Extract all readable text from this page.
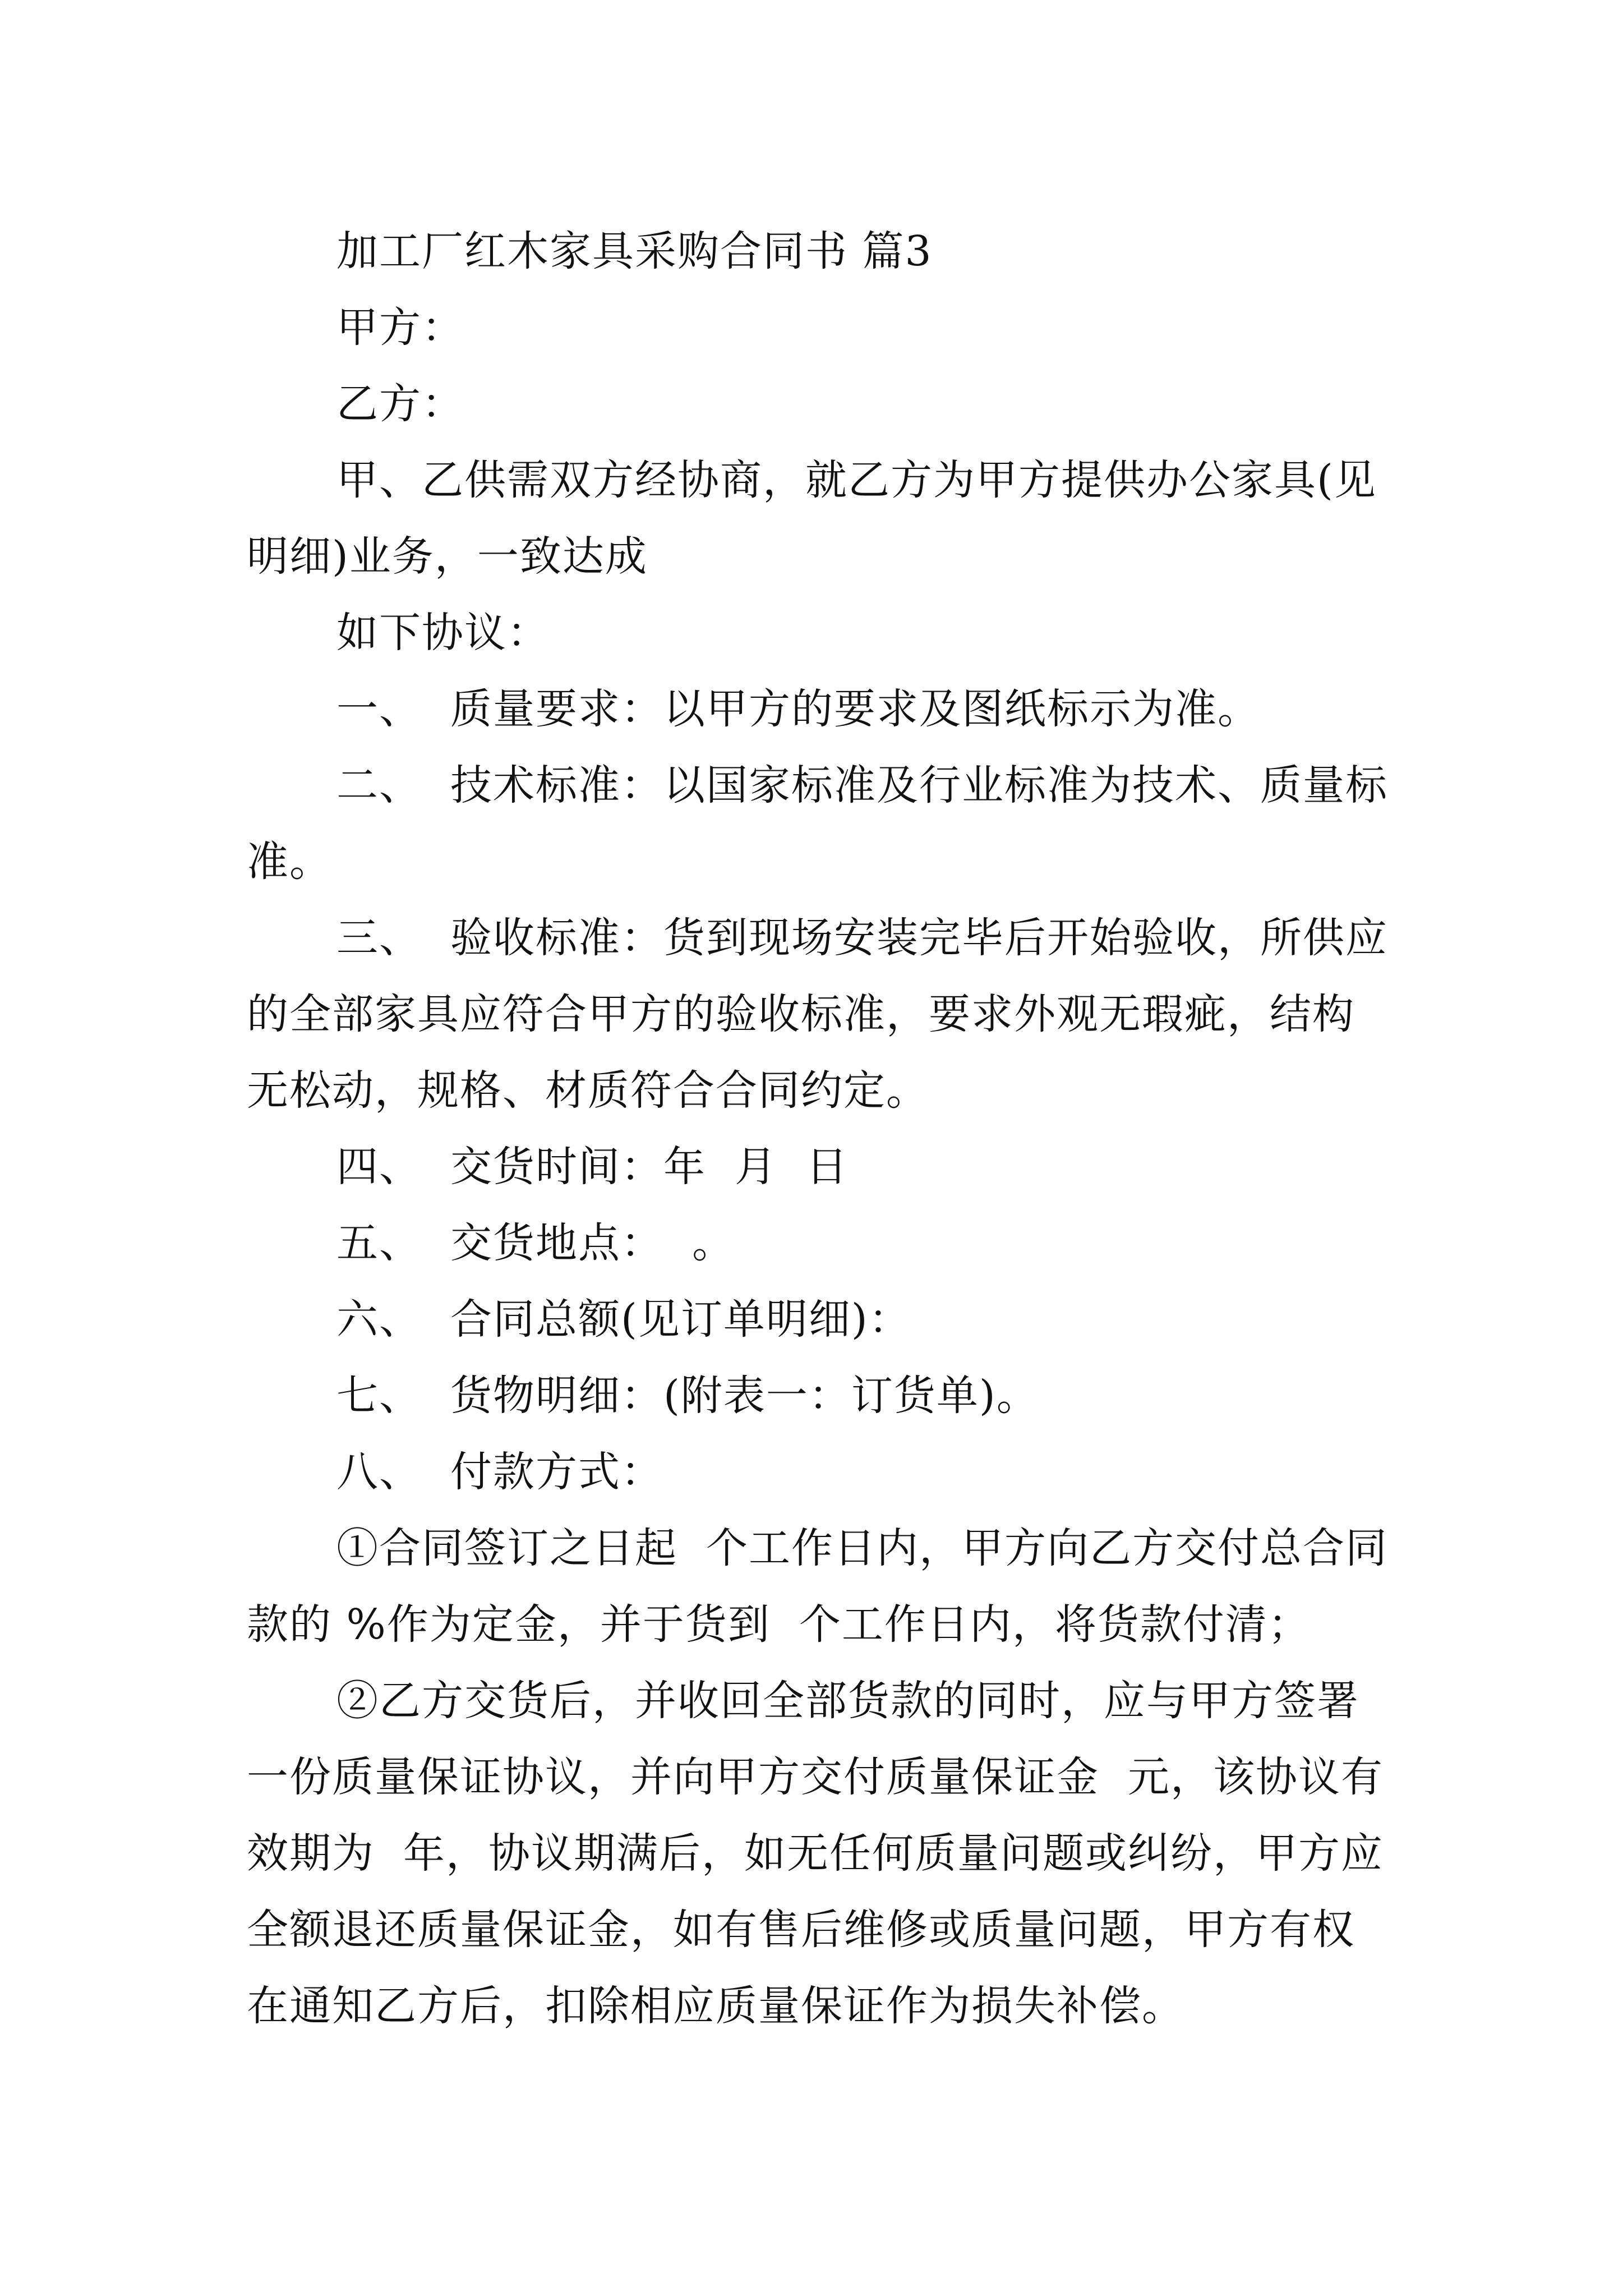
加工厂红木家具采购合同书 篇3

甲方：

乙方：

甲、乙供需双方经协商，就乙方为甲方提供办公家具(见明细)业务，一致达成

如下协议：

一、  质量要求：以甲方的要求及图纸标示为准。

二、  技术标准：以国家标准及行业标准为技术、质量标准。

三、  验收标准：货到现场安装完毕后开始验收，所供应的全部家具应符合甲方的验收标准，要求外观无瑕疵，结构无松动，规格、材质符合合同约定。

四、  交货时间：年  月  日

五、  交货地点：  。

六、  合同总额(见订单明细)：

七、  货物明细：(附表一：订货单)。

八、  付款方式：

①合同签订之日起  个工作日内，甲方向乙方交付总合同款的 %作为定金，并于货到  个工作日内，将货款付清；

②乙方交货后，并收回全部货款的同时，应与甲方签署一份质量保证协议，并向甲方交付质量保证金  元，该协议有效期为  年，协议期满后，如无任何质量问题或纠纷，甲方应全额退还质量保证金，如有售后维修或质量问题，甲方有权在通知乙方后，扣除相应质量保证作为损失补偿。
